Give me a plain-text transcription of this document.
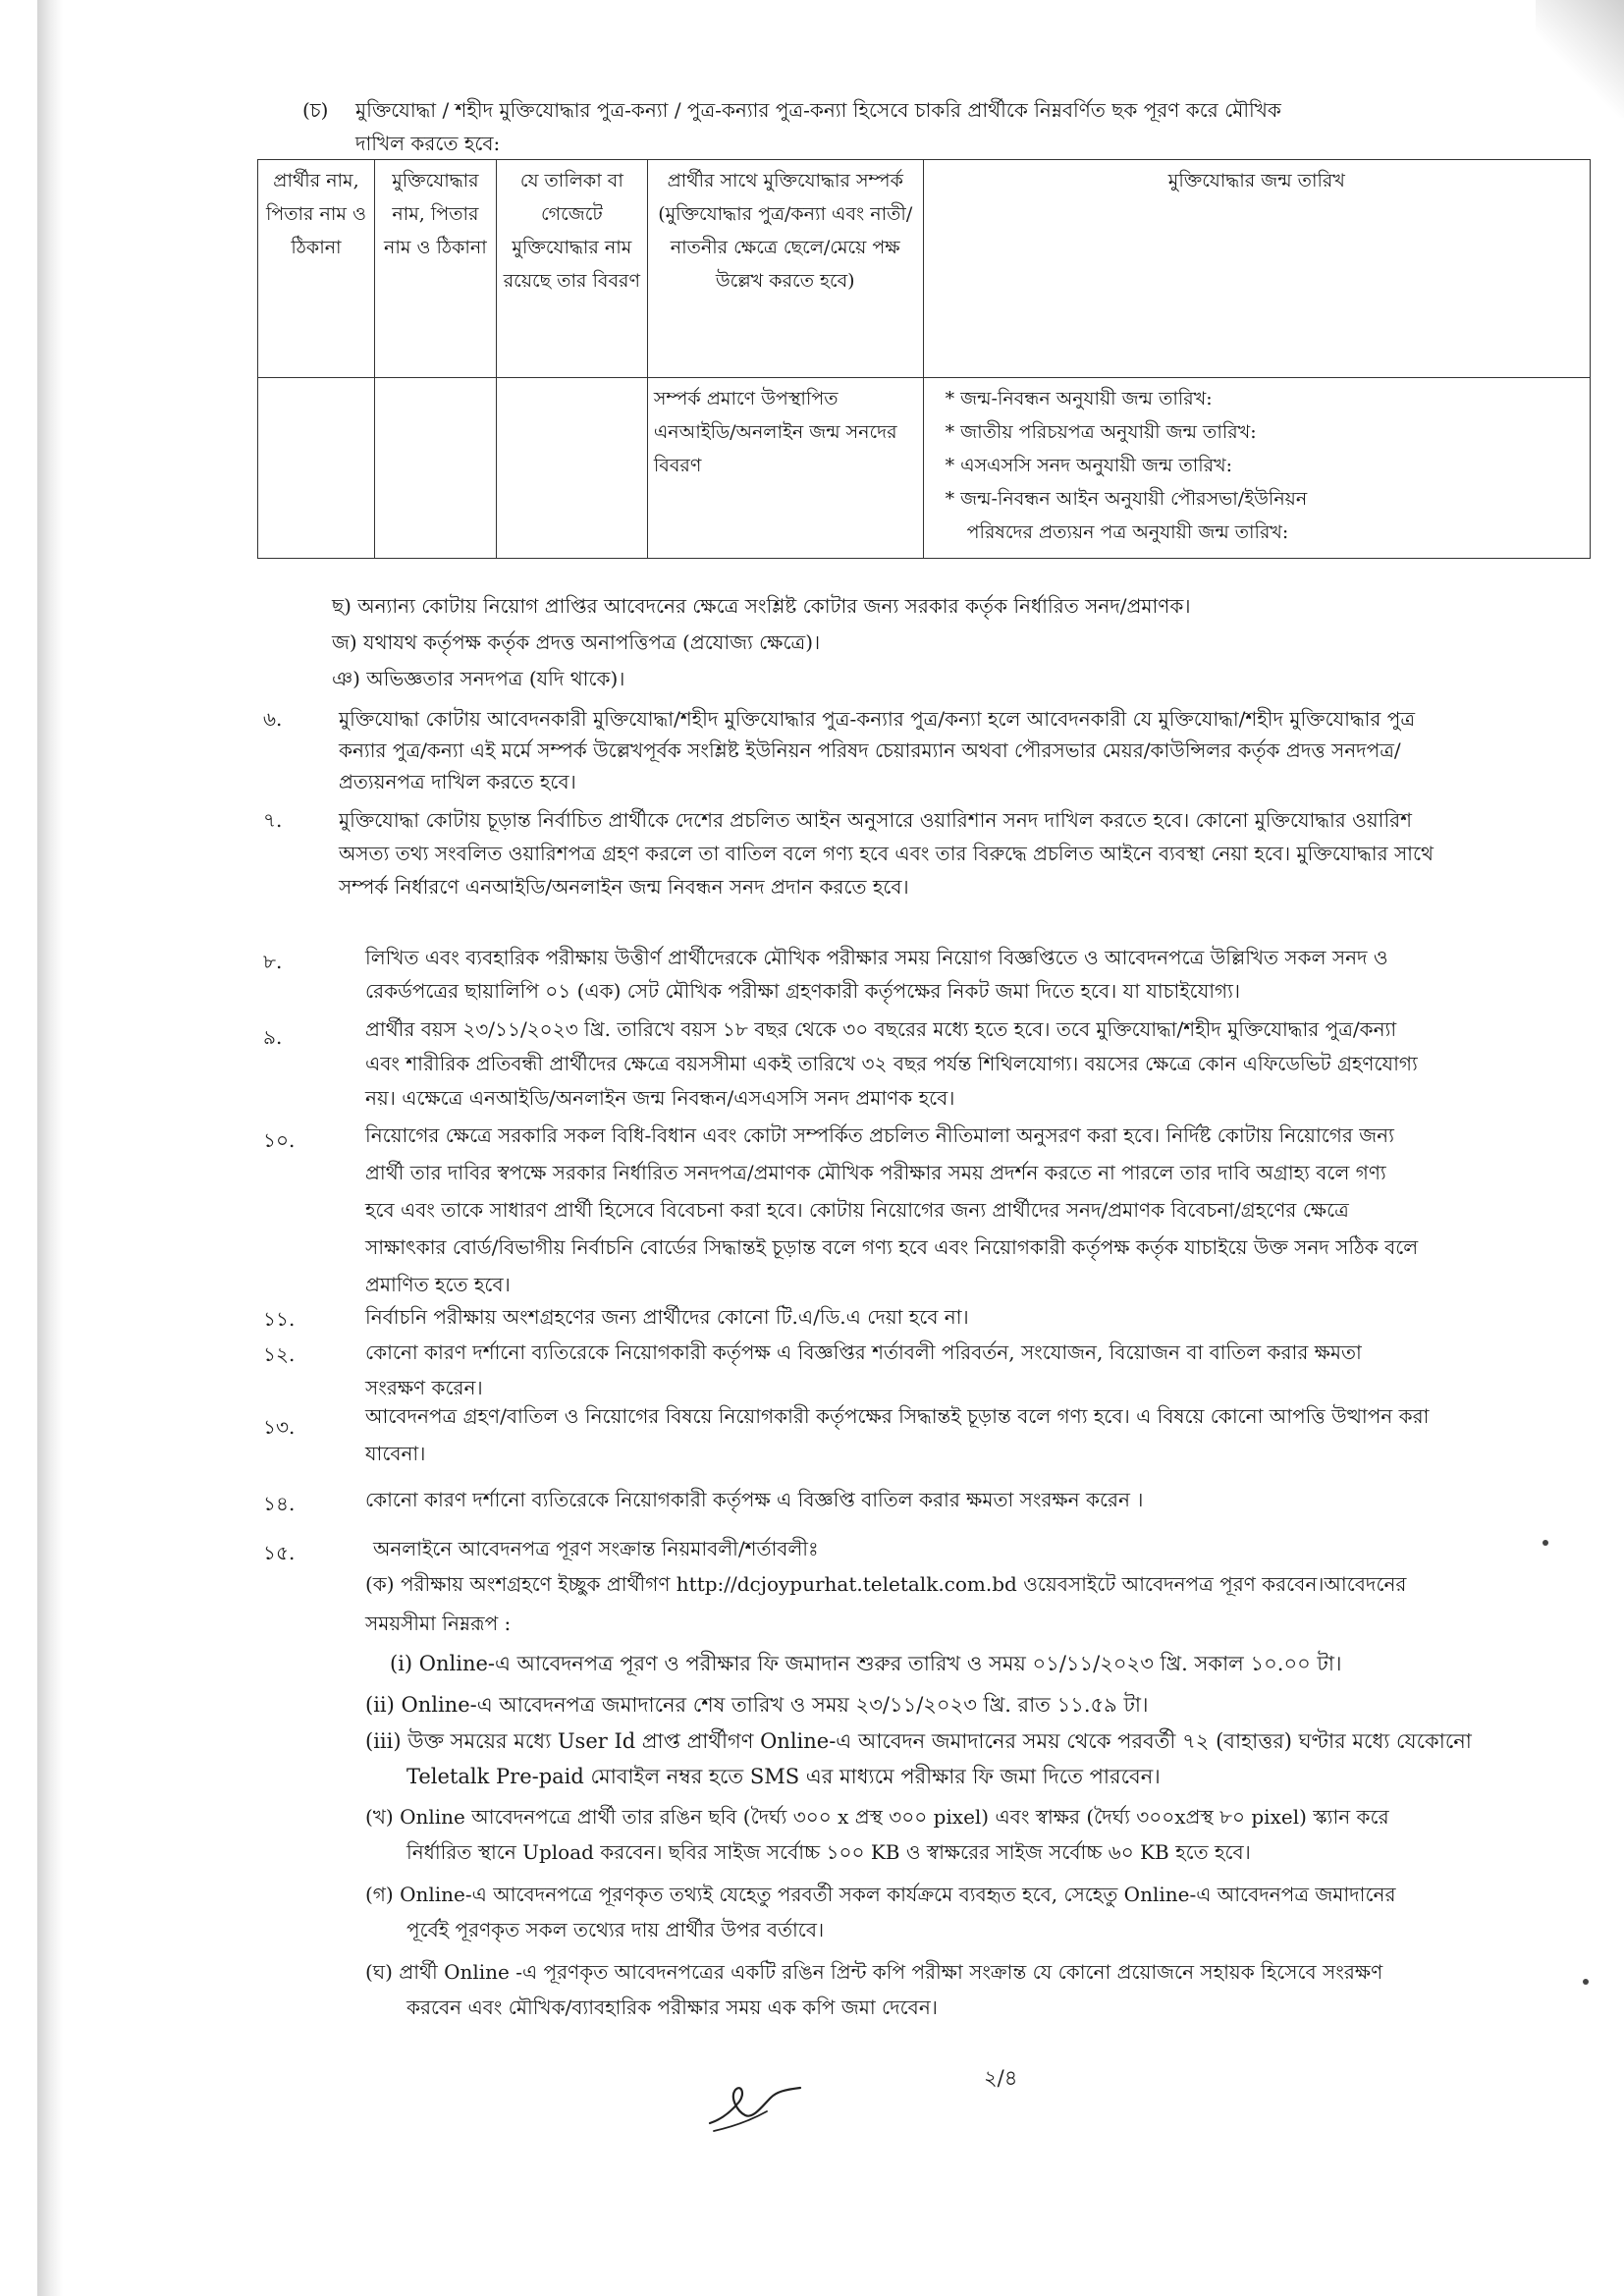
(চ) মুক্তিযোদ্ধা / শহীদ মুক্তিযোদ্ধার পুত্র-কন্যা / পুত্র-কন্যার পুত্র-কন্যা হিসেবে চাকরি প্রার্থীকে নিম্নবর্ণিত ছক পূরণ করে মৌখিক
দাখিল করতে হবে:
প্রার্থীর নাম, পিতার নাম ও ঠিকানা	মুক্তিযোদ্ধার নাম, পিতার নাম ও ঠিকানা	যে তালিকা বা গেজেটে মুক্তিযোদ্ধার নাম রয়েছে তার বিবরণ	প্রার্থীর সাথে মুক্তিযোদ্ধার সম্পর্ক (মুক্তিযোদ্ধার পুত্র/কন্যা এবং নাতী/নাতনীর ক্ষেত্রে ছেলে/মেয়ে পক্ষ উল্লেখ করতে হবে)	মুক্তিযোদ্ধার জন্ম তারিখ
			সম্পর্ক প্রমাণে উপস্থাপিত এনআইডি/অনলাইন জন্ম সনদের বিবরণ	* জন্ম-নিবন্ধন অনুযায়ী জন্ম তারিখ:
* জাতীয় পরিচয়পত্র অনুযায়ী জন্ম তারিখ:
* এসএসসি সনদ অনুযায়ী জন্ম তারিখ:
* জন্ম-নিবন্ধন আইন অনুযায়ী পৌরসভা/ইউনিয়ন
পরিষদের প্রত্যয়ন পত্র অনুযায়ী জন্ম তারিখ:
ছ) অন্যান্য কোটায় নিয়োগ প্রাপ্তির আবেদনের ক্ষেত্রে সংশ্লিষ্ট কোটার জন্য সরকার কর্তৃক নির্ধারিত সনদ/প্রমাণক।
জ) যথাযথ কর্তৃপক্ষ কর্তৃক প্রদত্ত অনাপত্তিপত্র (প্রযোজ্য ক্ষেত্রে)।
ঞ) অভিজ্ঞতার সনদপত্র (যদি থাকে)।
৬.	মুক্তিযোদ্ধা কোটায় আবেদনকারী মুক্তিযোদ্ধা/শহীদ মুক্তিযোদ্ধার পুত্র-কন্যার পুত্র/কন্যা হলে আবেদনকারী যে মুক্তিযোদ্ধা/শহীদ মুক্তিযোদ্ধার পুত্র
কন্যার পুত্র/কন্যা এই মর্মে সম্পর্ক উল্লেখপূর্বক সংশ্লিষ্ট ইউনিয়ন পরিষদ চেয়ারম্যান অথবা পৌরসভার মেয়র/কাউন্সিলর কর্তৃক প্রদত্ত সনদপত্র/
প্রত্যয়নপত্র দাখিল করতে হবে।
৭.	মুক্তিযোদ্ধা কোটায় চূড়ান্ত নির্বাচিত প্রার্থীকে দেশের প্রচলিত আইন অনুসারে ওয়ারিশান সনদ দাখিল করতে হবে। কোনো মুক্তিযোদ্ধার ওয়ারিশ
অসত্য তথ্য সংবলিত ওয়ারিশপত্র গ্রহণ করলে তা বাতিল বলে গণ্য হবে এবং তার বিরুদ্ধে প্রচলিত আইনে ব্যবস্থা নেয়া হবে। মুক্তিযোদ্ধার সাথে
সম্পর্ক নির্ধারণে এনআইডি/অনলাইন জন্ম নিবন্ধন সনদ প্রদান করতে হবে।
৮.	লিখিত এবং ব্যবহারিক পরীক্ষায় উত্তীর্ণ প্রার্থীদেরকে মৌখিক পরীক্ষার সময় নিয়োগ বিজ্ঞপ্তিতে ও আবেদনপত্রে উল্লিখিত সকল সনদ ও
রেকর্ডপত্রের ছায়ালিপি ০১ (এক) সেট মৌখিক পরীক্ষা গ্রহণকারী কর্তৃপক্ষের নিকট জমা দিতে হবে। যা যাচাইযোগ্য।
৯.	প্রার্থীর বয়স ২৩/১১/২০২৩ খ্রি. তারিখে বয়স ১৮ বছর থেকে ৩০ বছরের মধ্যে হতে হবে। তবে মুক্তিযোদ্ধা/শহীদ মুক্তিযোদ্ধার পুত্র/কন্যা
এবং শারীরিক প্রতিবন্ধী প্রার্থীদের ক্ষেত্রে বয়সসীমা একই তারিখে ৩২ বছর পর্যন্ত শিথিলযোগ্য। বয়সের ক্ষেত্রে কোন এফিডেভিট গ্রহণযোগ্য
নয়। এক্ষেত্রে এনআইডি/অনলাইন জন্ম নিবন্ধন/এসএসসি সনদ প্রমাণক হবে।
১০.	নিয়োগের ক্ষেত্রে সরকারি সকল বিধি-বিধান এবং কোটা সম্পর্কিত প্রচলিত নীতিমালা অনুসরণ করা হবে। নির্দিষ্ট কোটায় নিয়োগের জন্য
প্রার্থী তার দাবির স্বপক্ষে সরকার নির্ধারিত সনদপত্র/প্রমাণক মৌখিক পরীক্ষার সময় প্রদর্শন করতে না পারলে তার দাবি অগ্রাহ্য বলে গণ্য
হবে এবং তাকে সাধারণ প্রার্থী হিসেবে বিবেচনা করা হবে। কোটায় নিয়োগের জন্য প্রার্থীদের সনদ/প্রমাণক বিবেচনা/গ্রহণের ক্ষেত্রে
সাক্ষাৎকার বোর্ড/বিভাগীয় নির্বাচনি বোর্ডের সিদ্ধান্তই চূড়ান্ত বলে গণ্য হবে এবং নিয়োগকারী কর্তৃপক্ষ কর্তৃক যাচাইয়ে উক্ত সনদ সঠিক বলে
প্রমাণিত হতে হবে।
১১.	নির্বাচনি পরীক্ষায় অংশগ্রহণের জন্য প্রার্থীদের কোনো টি.এ/ডি.এ দেয়া হবে না।
১২.	কোনো কারণ দর্শানো ব্যতিরেকে নিয়োগকারী কর্তৃপক্ষ এ বিজ্ঞপ্তির শর্তাবলী পরিবর্তন, সংযোজন, বিয়োজন বা বাতিল করার ক্ষমতা
সংরক্ষণ করেন।
১৩.	আবেদনপত্র গ্রহণ/বাতিল ও নিয়োগের বিষয়ে নিয়োগকারী কর্তৃপক্ষের সিদ্ধান্তই চূড়ান্ত বলে গণ্য হবে। এ বিষয়ে কোনো আপত্তি উত্থাপন করা
যাবেনা।
১৪.	কোনো কারণ দর্শানো ব্যতিরেকে নিয়োগকারী কর্তৃপক্ষ এ বিজ্ঞপ্তি বাতিল করার ক্ষমতা সংরক্ষন করেন ।
১৫.	অনলাইনে আবেদনপত্র পূরণ সংক্রান্ত নিয়মাবলী/শর্তাবলীঃ
(ক) পরীক্ষায় অংশগ্রহণে ইচ্ছুক প্রার্থীগণ http://dcjoypurhat.teletalk.com.bd ওয়েবসাইটে আবেদনপত্র পূরণ করবেন।আবেদনের
সময়সীমা নিম্নরূপ :
(i) Online-এ আবেদনপত্র পূরণ ও পরীক্ষার ফি জমাদান শুরুর তারিখ ও সময় ০১/১১/২০২৩ খ্রি. সকাল ১০.০০ টা।
(ii) Online-এ আবেদনপত্র জমাদানের শেষ তারিখ ও সময় ২৩/১১/২০২৩ খ্রি. রাত ১১.৫৯ টা।
(iii) উক্ত সময়ের মধ্যে User Id প্রাপ্ত প্রার্থীগণ Online-এ আবেদন জমাদানের সময় থেকে পরবর্তী ৭২ (বাহাত্তর) ঘণ্টার মধ্যে যেকোনো
Teletalk Pre-paid মোবাইল নম্বর হতে SMS এর মাধ্যমে পরীক্ষার ফি জমা দিতে পারবেন।
(খ) Online আবেদনপত্রে প্রার্থী তার রঙিন ছবি (দৈর্ঘ্য ৩০০ x প্রস্থ ৩০০ pixel) এবং স্বাক্ষর (দৈর্ঘ্য ৩০০xপ্রস্থ ৮০ pixel) স্ক্যান করে
নির্ধারিত স্থানে Upload করবেন। ছবির সাইজ সর্বোচ্চ ১০০ KB ও স্বাক্ষরের সাইজ সর্বোচ্চ ৬০ KB হতে হবে।
(গ) Online-এ আবেদনপত্রে পূরণকৃত তথ্যই যেহেতু পরবর্তী সকল কার্যক্রমে ব্যবহৃত হবে, সেহেতু Online-এ আবেদনপত্র জমাদানের
পূর্বেই পূরণকৃত সকল তথ্যের দায় প্রার্থীর উপর বর্তাবে।
(ঘ) প্রার্থী Online -এ পূরণকৃত আবেদনপত্রের একটি রঙিন প্রিন্ট কপি পরীক্ষা সংক্রান্ত যে কোনো প্রয়োজনে সহায়ক হিসেবে সংরক্ষণ
করবেন এবং মৌখিক/ব্যাবহারিক পরীক্ষার সময় এক কপি জমা দেবেন।
২/৪
